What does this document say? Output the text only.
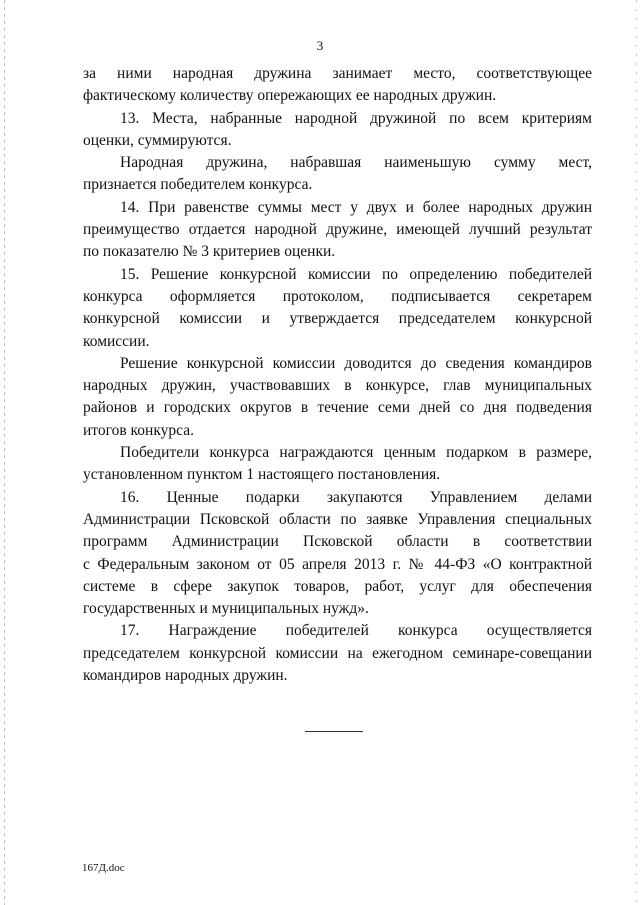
3

за ними народная дружина занимает место, соответствующее
фактическому количеству опережающих ее народных дружин.

13. Места, набранные народной дружиной по всем критериям
оценки, суммируются.

Народная дружина, набравшая наименьшую сумму мест,
признается победителем конкурса.

14. При равенстве суммы мест у двух и более народных дружин
преимущество отдается народной дружине, имеющей лучший результат
по показателю № 3 критериев оценки.

15. Решение конкурсной комиссии по определению победителей
конкурса оформляется протоколом, подписывается секретарем
конкурсной комиссии и утверждается председателем конкурсной
комиссии.

Решение конкурсной комиссии доводится до сведения командиров
народных дружин, участвовавших в конкурсе, глав муниципальных
районов и городских округов в течение семи дней со дня подведения
итогов конкурса.

Победители конкурса награждаются ценным подарком в размере,
установленном пунктом 1 настоящего постановления.

16. Ценные подарки закупаются Управлением делами
Администрации Псковской области по заявке Управления специальных
программ Администрации Псковской области в соответствии
с Федеральным законом от 05 апреля 2013 г. № 44-ФЗ «О контрактной
системе в сфере закупок товаров, работ, услуг для обеспечения
государственных и муниципальных нужд».

17. Награждение победителей конкурса осуществляется
председателем конкурсной комиссии на ежегодном семинаре-совещании
командиров народных дружин.

167Д.doc
